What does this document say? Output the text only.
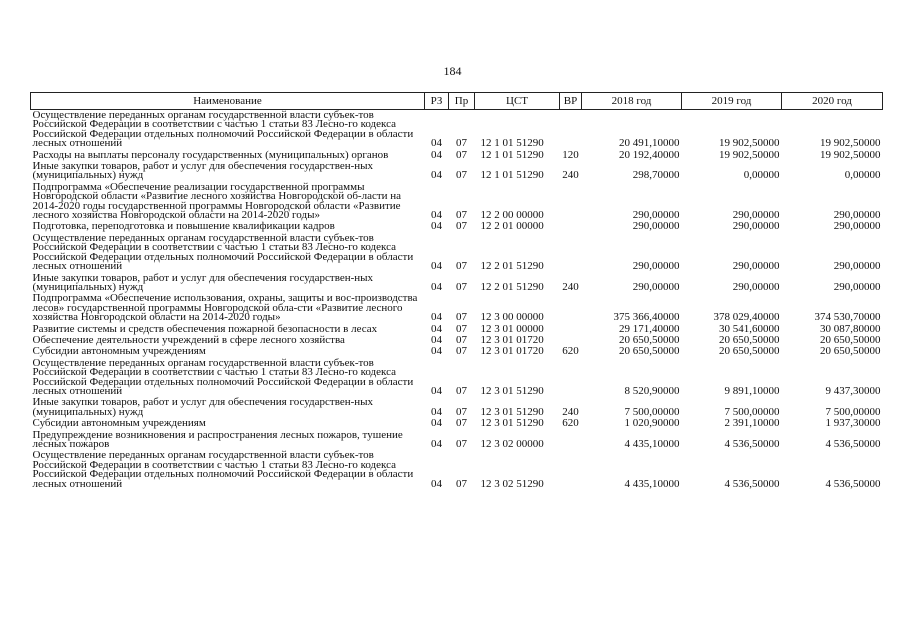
184
Наименование	РЗ	Пр	ЦСТ	ВР	2018 год	2019 год	2020 год
Осуществление переданных органам государственной власти субъек-тов Российской Федерации в соответствии с частью 1 статьи 83 Лесно-го кодекса Российской Федерации отдельных полномочий Российской Федерации в области лесных отношений	04	07	12 1 01 51290		20 491,10000	19 902,50000	19 902,50000
Расходы на выплаты персоналу государственных (муниципальных) органов	04	07	12 1 01 51290	120	20 192,40000	19 902,50000	19 902,50000
Иные закупки товаров, работ и услуг для обеспечения государствен-ных (муниципальных) нужд	04	07	12 1 01 51290	240	298,70000	0,00000	0,00000
Подпрограмма «Обеспечение реализации государственной программы Новгородской области «Развитие лесного хозяйства Новгородской об-ласти на 2014-2020 годы государственной программы Новгородской области «Развитие лесного хозяйства Новгородской области на 2014-2020 годы»	04	07	12 2 00 00000		290,00000	290,00000	290,00000
Подготовка, переподготовка и повышение квалификации кадров	04	07	12 2 01 00000		290,00000	290,00000	290,00000
Осуществление переданных органам государственной власти субъек-тов Российской Федерации в соответствии с частью 1 статьи 83 Лесно-го кодекса Российской Федерации отдельных полномочий Российской Федерации в области лесных отношений	04	07	12 2 01 51290		290,00000	290,00000	290,00000
Иные закупки товаров, работ и услуг для обеспечения государствен-ных (муниципальных) нужд	04	07	12 2 01 51290	240	290,00000	290,00000	290,00000
Подпрограмма «Обеспечение использования, охраны, защиты и вос-производства лесов» государственной программы Новгородской обла-сти «Развитие лесного хозяйства Новгородской области на 2014-2020 годы»	04	07	12 3 00 00000		375 366,40000	378 029,40000	374 530,70000
Развитие системы и средств обеспечения пожарной безопасности в лесах	04	07	12 3 01 00000		29 171,40000	30 541,60000	30 087,80000
Обеспечение деятельности учреждений в сфере лесного хозяйства	04	07	12 3 01 01720		20 650,50000	20 650,50000	20 650,50000
Субсидии автономным учреждениям	04	07	12 3 01 01720	620	20 650,50000	20 650,50000	20 650,50000
Осуществление переданных органам государственной власти субъек-тов Российской Федерации в соответствии с частью 1 статьи 83 Лесно-го кодекса Российской Федерации отдельных полномочий Российской Федерации в области лесных отношений	04	07	12 3 01 51290		8 520,90000	9 891,10000	9 437,30000
Иные закупки товаров, работ и услуг для обеспечения государствен-ных (муниципальных) нужд	04	07	12 3 01 51290	240	7 500,00000	7 500,00000	7 500,00000
Субсидии автономным учреждениям	04	07	12 3 01 51290	620	1 020,90000	2 391,10000	1 937,30000
Предупреждение возникновения и распространения лесных пожаров, тушение лесных пожаров	04	07	12 3 02 00000		4 435,10000	4 536,50000	4 536,50000
Осуществление переданных органам государственной власти субъек-тов Российской Федерации в соответствии с частью 1 статьи 83 Лесно-го кодекса Российской Федерации отдельных полномочий Российской Федерации в области лесных отношений	04	07	12 3 02 51290		4 435,10000	4 536,50000	4 536,50000
